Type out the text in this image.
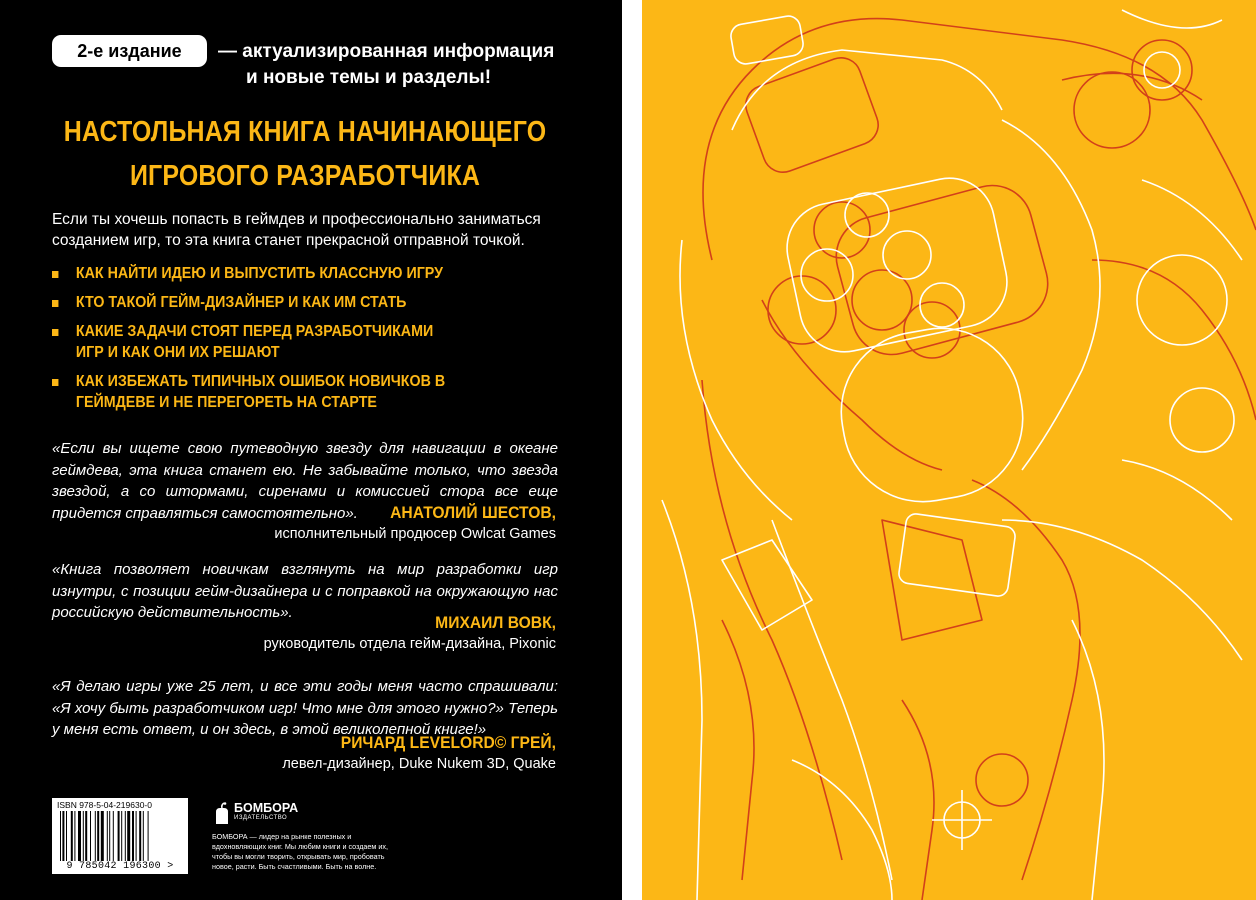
2-е издание	— актуализированная информация
и новые темы и разделы!
НАСТОЛЬНАЯ КНИГА НАЧИНАЮЩЕГО
ИГРОВОГО РАЗРАБОТЧИКА
Если ты хочешь попасть в геймдев и профессионально заниматься созданием игр, то эта книга станет прекрасной отправной точкой.
КАК НАЙТИ ИДЕЮ И ВЫПУСТИТЬ КЛАССНУЮ ИГРУ
КТО ТАКОЙ ГЕЙМ-ДИЗАЙНЕР И КАК ИМ СТАТЬ
КАКИЕ ЗАДАЧИ СТОЯТ ПЕРЕД РАЗРАБОТЧИКАМИ ИГР И КАК ОНИ ИХ РЕШАЮТ
КАК ИЗБЕЖАТЬ ТИПИЧНЫХ ОШИБОК НОВИЧКОВ В ГЕЙМДЕВЕ И НЕ ПЕРЕГОРЕТЬ НА СТАРТЕ
«Если вы ищете свою путеводную звезду для навигации в океане геймдева, эта книга станет ею. Не забывайте только, что звезда звездой, а со штормами, сиренами и комиссией стора все еще придется справляться самостоятельно».	АНАТОЛИЙ ШЕСТОВ,
исполнительный продюсер Owlcat Games
«Книга позволяет новичкам взглянуть на мир разработки игр изнутри, с позиции гейм-дизайнера и с поправкой на окружающую нас российскую действительность».
МИХАИЛ ВОВК,
руководитель отдела гейм-дизайна, Pixonic
«Я делаю игры уже 25 лет, и все эти годы меня часто спрашивали: «Я хочу быть разработчиком игр! Что мне для этого нужно?» Теперь у меня есть ответ, и он здесь, в этой великолепной книге!»
РИЧАРД LEVELORD© ГРЕЙ,
левел-дизайнер, Duke Nukem 3D, Quake
ISBN 978-5-04-219630-0
9 785042 196300 >
БОМБОРА
ИЗДАТЕЛЬСТВО
БОМБОРА — лидер на рынке полезных и вдохновляющих книг. Мы любим книги и создаем их, чтобы вы могли творить, открывать мир, пробовать новое, расти. Быть счастливыми. Быть на волне.
